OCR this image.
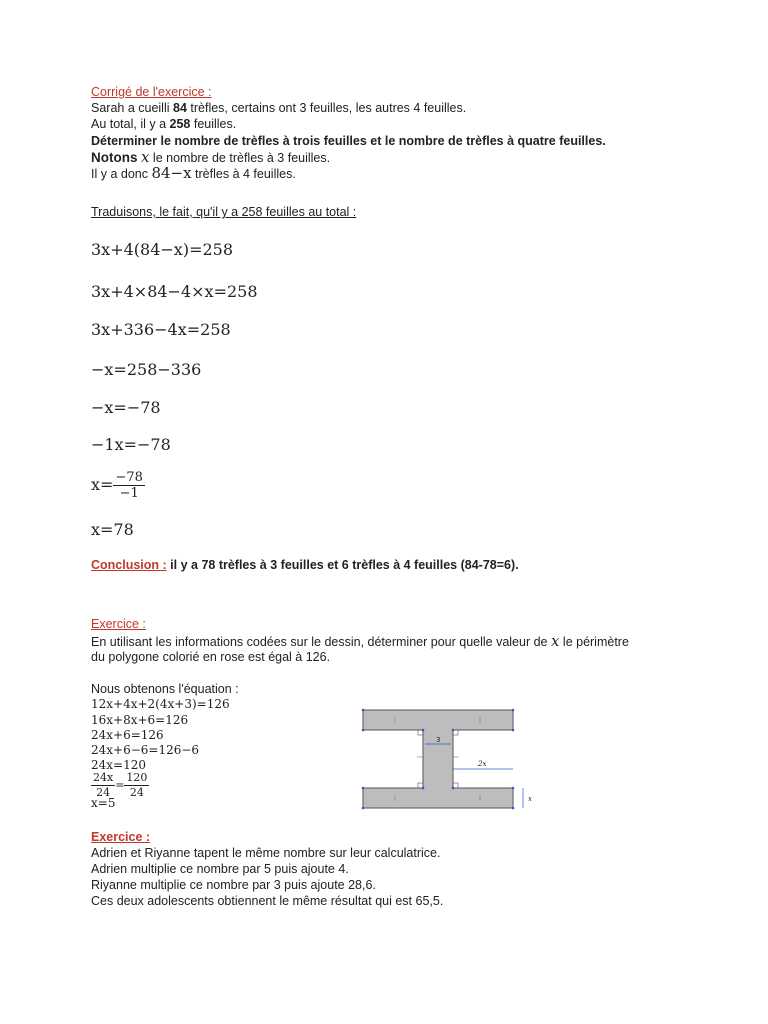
Corrigé de l'exercice :
Sarah a cueilli 84 trèfles, certains ont 3 feuilles, les autres 4 feuilles.
Au total, il y a 258 feuilles.
Déterminer le nombre de trèfles à trois feuilles et le nombre de trèfles à quatre feuilles.
Notons x le nombre de trèfles à 3 feuilles.
Il y a donc 84−x trèfles à 4 feuilles.
Traduisons, le fait, qu'il y a 258 feuilles au total :
3x+4(84−x)=258
3x+4×84−4×x=258
3x+336−4x=258
−x=258−336
−x=−78
−1x=−78
$x= \frac{-78}{-1}$
x=78
Conclusion : il y a 78 trèfles à 3 feuilles et 6 trèfles à 4 feuilles (84-78=6).
Exercice :
En utilisant les informations codées sur le dessin, déterminer pour quelle valeur de x le périmètre
du polygone colorié en rose est égal à 126.
Nous obtenons l'équation :
12x+4x+2(4x+3)=126
16x+8x+6=126
24x+6=126
24x+6−6=126−6
24x=120
$\frac{24x}{24} = \frac{120}{24}$
x=5
3
2x
x
Exercice :
Adrien et Riyanne tapent le même nombre sur leur calculatrice.
Adrien multiplie ce nombre par 5 puis ajoute 4.
Riyanne multiplie ce nombre par 3 puis ajoute 28,6.
Ces deux adolescents obtiennent le même résultat qui est 65,5.
